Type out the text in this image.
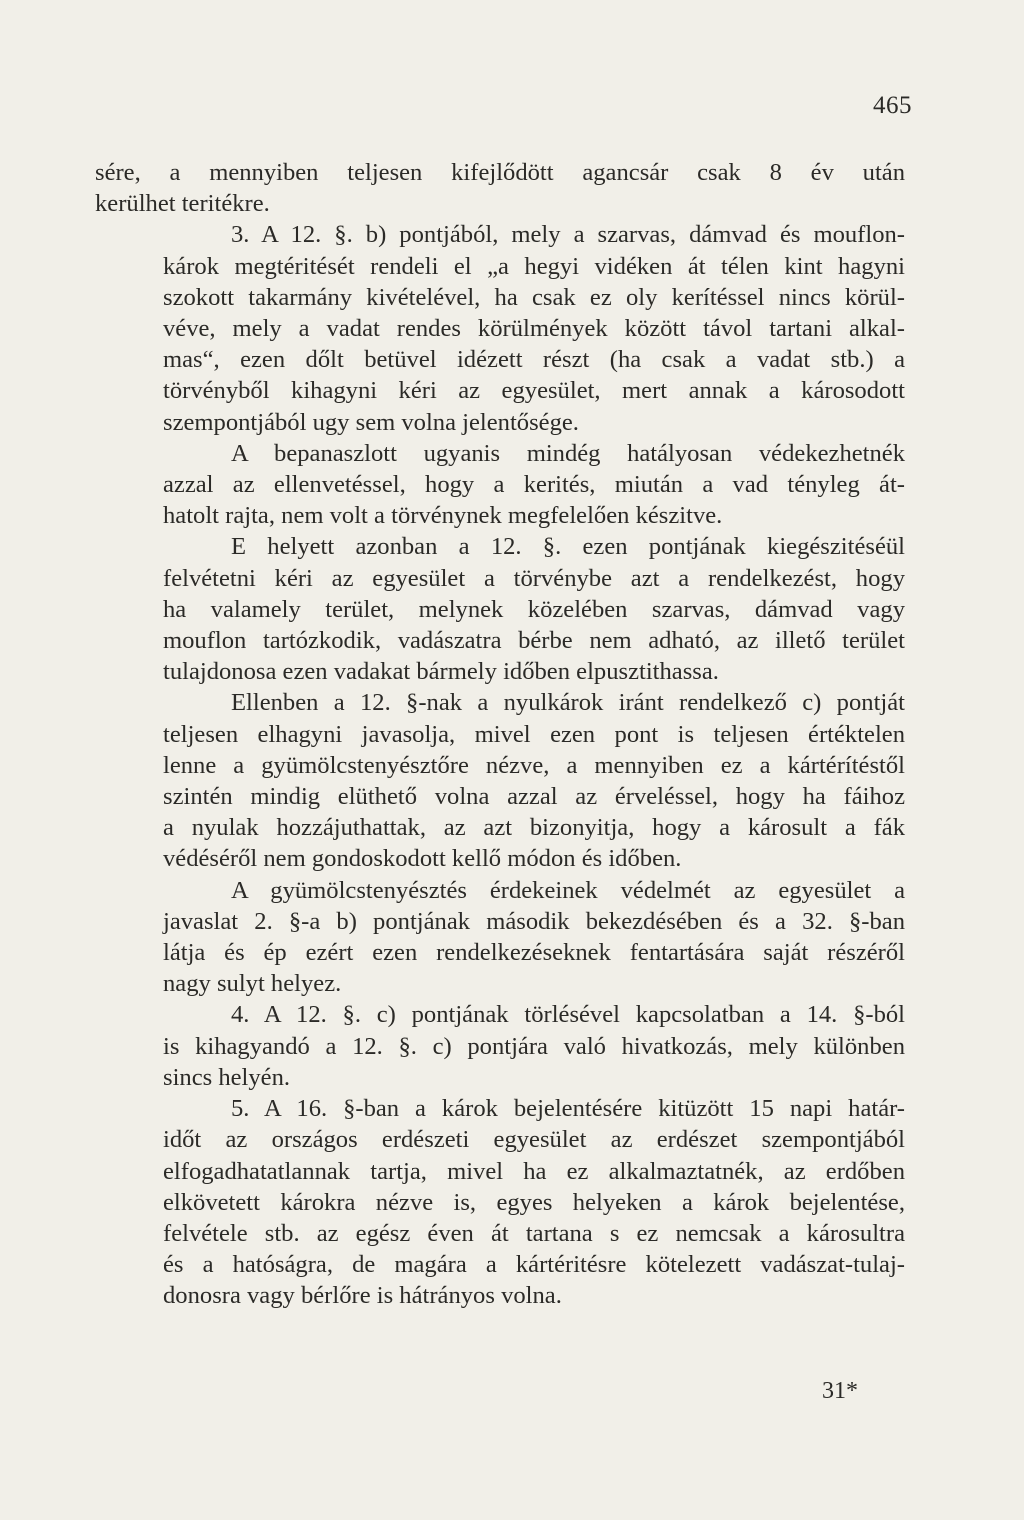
465

sére, a mennyiben teljesen kifejlődött agancsár csak 8 év után
kerülhet teritékre.

3. A 12. §. b) pontjából, mely a szarvas, dámvad és mouflon-
károk megtéritését rendeli el „a hegyi vidéken át télen kint hagyni
szokott takarmány kivételével, ha csak ez oly kerítéssel nincs körül-
véve, mely a vadat rendes körülmények között távol tartani alkal-
mas“, ezen dőlt betüvel idézett részt (ha csak a vadat stb.) a
törvényből kihagyni kéri az egyesület, mert annak a károsodott
szempontjából ugy sem volna jelentősége.

A bepanaszlott ugyanis mindég hatályosan védekezhetnék
azzal az ellenvetéssel, hogy a kerités, miután a vad tényleg át-
hatolt rajta, nem volt a törvénynek megfelelően készitve.

E helyett azonban a 12. §. ezen pontjának kiegészitéséül
felvétetni kéri az egyesület a törvénybe azt a rendelkezést, hogy
ha valamely terület, melynek közelében szarvas, dámvad vagy
mouflon tartózkodik, vadászatra bérbe nem adható, az illető terület
tulajdonosa ezen vadakat bármely időben elpusztithassa.

Ellenben a 12. §-nak a nyulkárok iránt rendelkező c) pontját
teljesen elhagyni javasolja, mivel ezen pont is teljesen értéktelen
lenne a gyümölcstenyésztőre nézve, a mennyiben ez a kártérítéstől
szintén mindig elüthető volna azzal az érveléssel, hogy ha fáihoz
a nyulak hozzájuthattak, az azt bizonyitja, hogy a károsult a fák
védéséről nem gondoskodott kellő módon és időben.

A gyümölcstenyésztés érdekeinek védelmét az egyesület a
javaslat 2. §-a b) pontjának második bekezdésében és a 32. §-ban
látja és ép ezért ezen rendelkezéseknek fentartására saját részéről
nagy sulyt helyez.

4. A 12. §. c) pontjának törlésével kapcsolatban a 14. §-ból
is kihagyandó a 12. §. c) pontjára való hivatkozás, mely különben
sincs helyén.

5. A 16. §-ban a károk bejelentésére kitüzött 15 napi határ-
időt az országos erdészeti egyesület az erdészet szempontjából
elfogadhatatlannak tartja, mivel ha ez alkalmaztatnék, az erdőben
elkövetett károkra nézve is, egyes helyeken a károk bejelentése,
felvétele stb. az egész éven át tartana s ez nemcsak a károsultra
és a hatóságra, de magára a kártéritésre kötelezett vadászat-tulaj-
donosra vagy bérlőre is hátrányos volna.

31*
